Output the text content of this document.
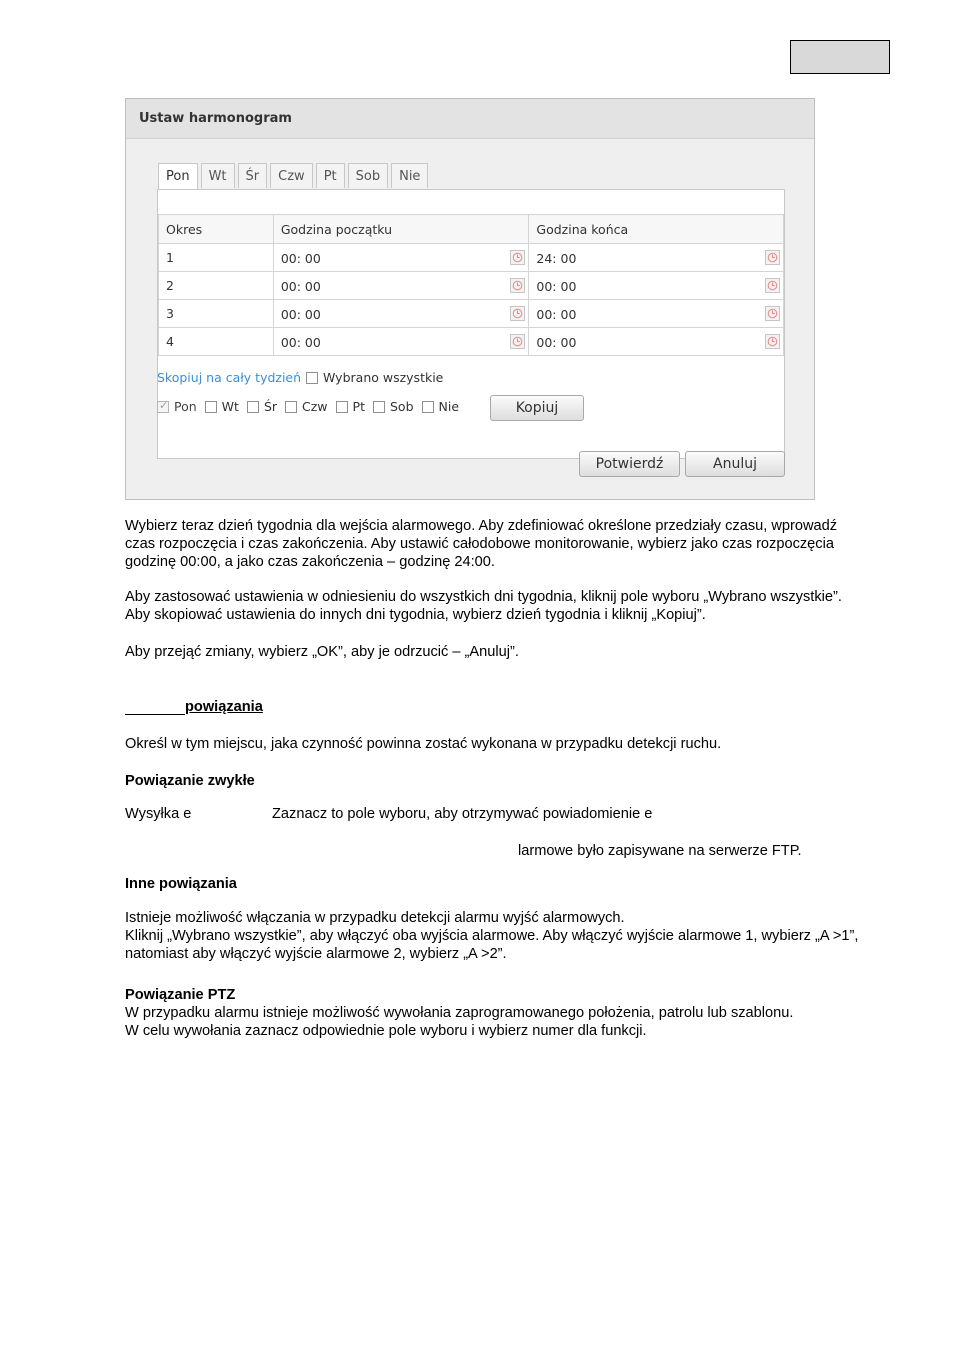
Ustaw harmonogram
Pon	Wt	Śr	Czw	Pt	Sob	Nie
Okres	Godzina początku	Godzina końca
1	00: 00	24: 00

2	00: 00	00: 00

3	00: 00	00: 00

4	00: 00	00: 00
Skopiuj na cały tydzień Wybrano wszystkie
✓ Pon Wt Śr Czw Pt Sob Nie	Kopiuj
Potwierdź	Anuluj

Wybierz teraz dzień tygodnia dla wejścia alarmowego. Aby zdefiniować określone przedziały czasu, wprowadź czas rozpoczęcia i czas zakończenia. Aby ustawić całodobowe monitorowanie, wybierz jako czas rozpoczęcia godzinę 00:00, a jako czas zakończenia – godzinę 24:00.

Aby zastosować ustawienia w odniesieniu do wszystkich dni tygodnia, kliknij pole wyboru „Wybrano wszystkie”. Aby skopiować ustawienia do innych dni tygodnia, wybierz dzień tygodnia i kliknij „Kopiuj”.

Aby przejąć zmiany, wybierz „OK”, aby je odrzucić – „Anuluj”.

powiązania

Określ w tym miejscu, jaka czynność powinna zostać wykonana w przypadku detekcji ruchu.

Powiązanie zwykłe

Wysyłka e	Zaznacz to pole wyboru, aby otrzymywać powiadomienie e

larmowe było zapisywane na serwerze FTP.

Inne powiązania

Istnieje możliwość włączania w przypadku detekcji alarmu wyjść alarmowych.

Kliknij „Wybrano wszystkie”, aby włączyć oba wyjścia alarmowe. Aby włączyć wyjście alarmowe 1, wybierz „A >1”, natomiast aby włączyć wyjście alarmowe 2, wybierz „A >2”.

Powiązanie PTZ

W przypadku alarmu istnieje możliwość wywołania zaprogramowanego położenia, patrolu lub szablonu.

W celu wywołania zaznacz odpowiednie pole wyboru i wybierz numer dla funkcji.
